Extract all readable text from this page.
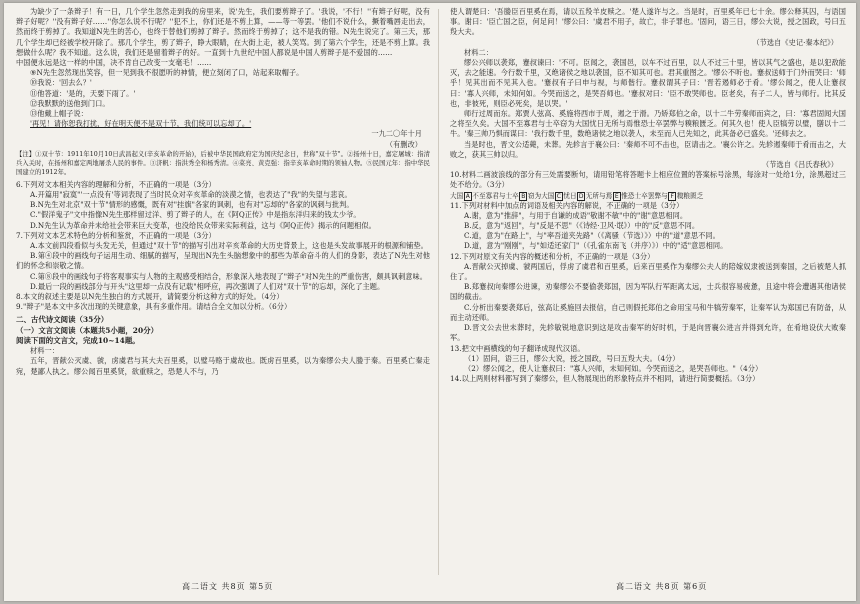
为缺少了一条辫子！有一日，几个学生忽然走到我的房里来，说'先生，我们要剪辫子了。'我说，'不行！''有辫子好呢，没有辫子好呢？''没有辫子好……''你怎么说不行呢？''犯不上，你们还是不剪上算，——等一等罢。'他们不说什么，撅着嘴唇走出去，然而终于剪掉了。我知道N先生的苦心，也终于替他们剪掉了辫子。然而终于剪掉了；这不是我的错。N先生说完了。第三天，那几个学生却已经被学校开除了。那几个学生，剪了辫子，睁大眼睛，在大街上走，被人笑骂。到了第六个学生，还是不剪上算。我想做什么呢？我不知道。这么说，我们还是留着辫子的好。一直到十九世纪中国人都说是中国人剪辫子是不爱国的……

中国便永远是这一样的中国，决不肯自己改变一支毫毛！……

⑨N先生忽然现出笑容，但一见到我不很愿听的神情，便立刻闭了口，站起来取帽子。

⑩我说：'回去么？'

⑪他答道：'是的，天要下雨了。'

⑫我默默的送他到门口。

⑬他戴上帽子说：

'再见！请你恕我打扰，好在明天便不是双十节，我们统可以忘却了。'

一九二〇年十月

（有删改）

【注】①双十节：1911年10月10日武昌起义(辛亥革命的开始)，后被中华民国政府定为国庆纪念日，世称"双十节"。②扬州十日，嘉定屠城：指清兵入关时，在扬州和嘉定两地屠杀人民的事件。③济帆：指洪秀全和杨秀清。④菜亮、黄克强：指辛亥革命时期的领袖人物。⑤民国元年：指中华民国建立的1912年。

6.下列对文本相关内容的理解和分析，不正确的一项是（3分）

A.开篇用"寂寞"'一点没有'等词表现了当时民众对辛亥革命的淡漠之情，也表达了"我"的失望与悲哀。

B.N先生对北京"双十节"情形的感慨，既有对"挂旗"各家的讽刺，也有对"忘却的"各家的讽刺与批判。

C."假洋鬼子"文中指像N先生那样留过洋、剪了辫子的人，在《阿Q正传》中是指东洋归来的钱太少爷。

D.N先生认为革命并未给社会带来巨大变革，也没给民众带来实际利益，这与《阿Q正传》揭示的问题相似。

7.下列对文本艺术特色的分析和鉴赏，不正确的一项是（3分）

A.本文前四段看似与头发无关，但通过"双十节"的描写引出对辛亥革命的大历史背景上，这也是头发故事展开的根源和铺垫。

B.第④段中的画线句子运用生动、细腻的描写，呈现出N先生头脑想象中的那些为革命奋斗的人们的身影，表达了N先生对他们的怀念和崇敬之情。

C.第⑧段中的画线句子将客观事实与人物的主观感受相结合，形象深入地表现了"辫子"对N先生的严重伤害，颇具讽刺意味。

D.最后一段的画线部分与开头"这里却一点没有记载"相呼应，再次强调了人们对"双十节"的忘却，深化了主题。

8.本文的叙述主要是以N先生独白的方式展开，请简要分析这种方式的好处。（4分）

9."辫子"是本文中多次出现的关键意象，具有多重作用。请结合全文加以分析。（6分）

二、古代诗文阅读（35分）

（一）文言文阅读（本题共5小题，20分）

阅读下面的文言文，完成10~14题。

材料一：

五年，晋献公灭虞、虢，虏虞君与其大夫百里奚，以璧马赂于虞故也。既虏百里奚，以为秦缪公夫人媵于秦。百里奚亡秦走宛，楚鄙人执之。缪公闻百里奚贤，欲重赎之，恐楚人不与，乃

使人谓楚曰：'吾媵臣百里奚在焉，请以五羖羊皮赎之。'楚人遂许与之。当是时，百里奚年已七十余。缪公释其囚，与语国事。谢曰：'臣亡国之臣，何足问！'缪公曰：'虞君不用子，故亡，非子罪也。'固问，语三日，缪公大说，授之国政，号曰五羖大夫。

（节选自《史记·秦本纪》）

材料二：

缪公兴师以袭郑，蹇叔谏曰：'不可。臣闻之，袭国邑，以车不过百里，以人不过三十里，皆以其气之盛也，是以犯敌能灭，去之能速。今行数千里，又绝诸侯之地以袭国，臣不知其可也。君其重图之。'缪公不听也。蹇叔送师于门外而哭曰：'师乎！见其出而不见其入也。'蹇叔有子曰申与视，与师偕行。蹇叔谓其子曰：'晋若遏师必于肴。'缪公闻之，使人让蹇叔曰：'寡人兴师，未知何如。今哭而送之，是哭吾师也。'蹇叔对曰：'臣不敢哭师也。臣老矣，有子二人，皆与师行。比其反也，非彼死，则臣必死矣，是以哭。'

师行过周而东。郑贾人弦高、奚施将西市于周，遏之于滑。乃矫郑伯之命，以十二牛劳秦师而宾之，曰：'寡君固闻大国之将至久矣。大国不至寡君与士卒窃为大国忧日无所与焉惟恐士卒罢弊与糗粮匮乏。何其久也！使人臣犒劳以璧，膳以十二牛。'秦三帅乃惧而谋曰：'我行数千里，数绝诸侯之地以袭人，未至而人已先知之，此其备必已盛矣。'还师去之。

当是时也，晋文公适薨，未葬。先轸言于襄公曰：'秦师不可不击也，臣请击之。'襄公许之。先轸遏秦师于肴而击之，大败之，获其三帅以归。

（节选自《吕氏春秋》）

10.材料二画波浪线的部分有三处需要断句，请用铅笔将答题卡上相应位置的答案标号涂黑，每涂对一处给1分，涂黑超过三处不给分。（3分）

大国 A 不至寡君与士卒 B 窃为大国 C 忧日 D 无所与焉 E 惟恐士卒罢弊与 F 糗粮匮乏

11.下列对材料中加点的词语及相关内容的解说，不正确的一项是（3分）

A.谢，意为"推辞"，与用于自谦的成语"敬谢不敏"中的"谢"意思相同。

B.反，意为"返回"，与"反是不思"（《诗经·卫风·氓》）中的"反"意思不同。

C.道，意为"在路上"，与"率吾道夹先路"（《离骚（节选）》）中的"道"意思不同。

D.道，意为"刚刚"，与"如适还家门"（《孔雀东南飞（并序）》）中的"适"意思相同。

12.下列对原文有关内容的概述和分析，不正确的一项是（3分）

A.晋献公灭掉虞、虢两国后，俘虏了虞君和百里奚，后来百里奚作为秦缪公夫人的陪嫁奴隶被送到秦国，之后被楚人抓住了。

B.郑蹇叔向秦缪公进谏，劝秦缪公不要偷袭郑国，因为军队行军距离太远，士兵很容易疲惫，且途中将会遭遇其他诸侯国的截击。

C.分析出秦要袭郑后，弦高让奚施回去报信，自己则假托郑伯之命用宝马和牛犒劳秦军，让秦军认为郑国已有防备，从而主动还师。

D.晋文公去世未葬时，先轸敏锐地意识到这是攻击秦军的好时机，于是向晋襄公进言并得到允许，在肴地设伏大败秦军。

13.把文中画横线的句子翻译成现代汉语。

（1）固问，语三日，缪公大说，授之国政，号曰五羖大夫。（4分）

（2）缪公闻之，使人让蹇叔曰："寡人兴师，未知何如。今哭而送之，是哭吾师也。"（4分）

14.以上两则材料都写到了秦缪公，但人物展现出的形象特点并不相同，请进行简要概括。（3分）

高二语文 共8页 第5页	高二语文 共8页 第6页
